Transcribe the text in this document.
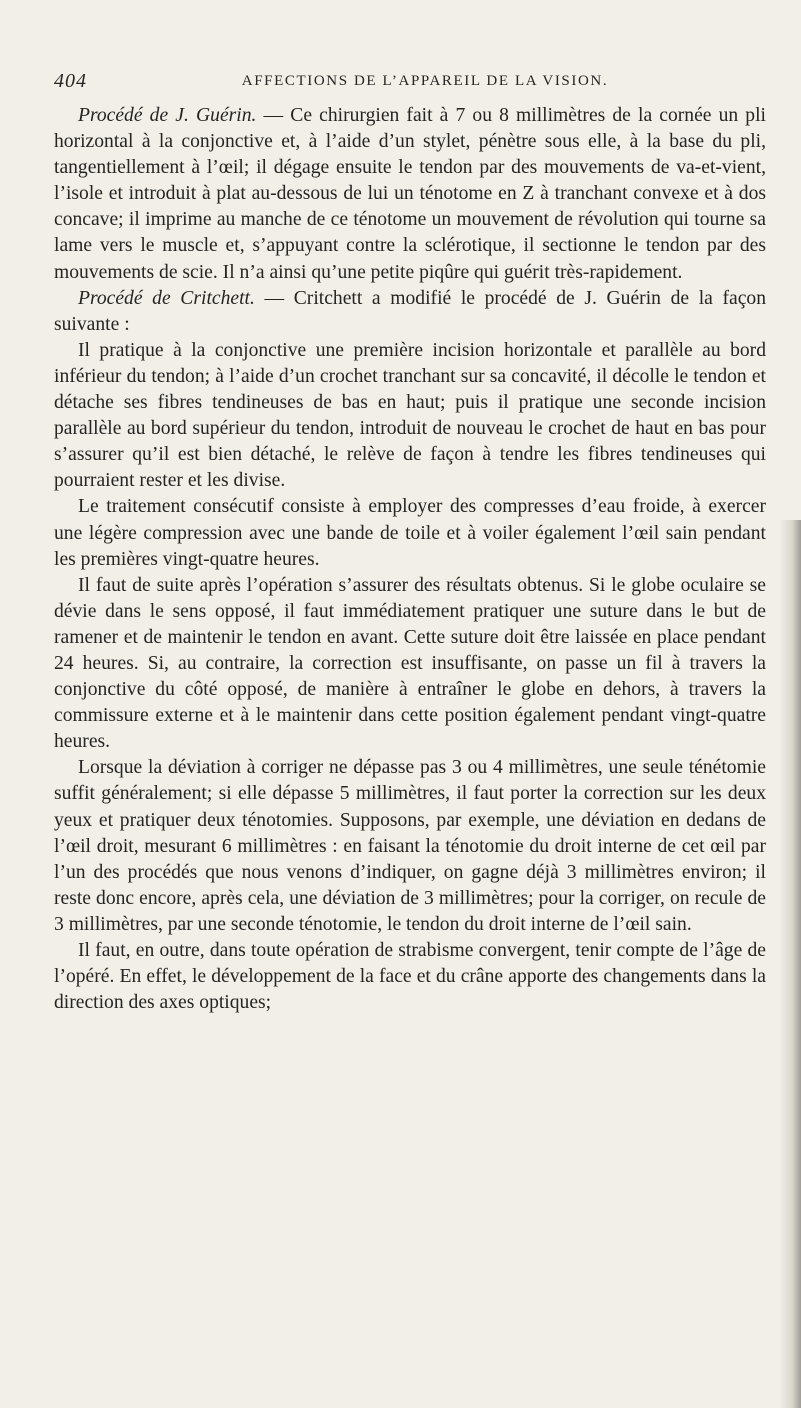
404	AFFECTIONS DE L’APPAREIL DE LA VISION.

Procédé de J. Guérin. — Ce chirurgien fait à 7 ou 8 millimètres de la cornée un pli horizontal à la conjonctive et, à l’aide d’un stylet, pénètre sous elle, à la base du pli, tangentiellement à l’œil; il dégage ensuite le tendon par des mouvements de va-et-vient, l’isole et introduit à plat au-dessous de lui un ténotome en Z à tranchant convexe et à dos concave; il imprime au manche de ce ténotome un mouvement de révolution qui tourne sa lame vers le muscle et, s’appuyant contre la sclérotique, il sectionne le tendon par des mouvements de scie. Il n’a ainsi qu’une petite piqûre qui guérit très-rapidement.

Procédé de Critchett. — Critchett a modifié le procédé de J. Guérin de la façon suivante :

Il pratique à la conjonctive une première incision horizontale et parallèle au bord inférieur du tendon; à l’aide d’un crochet tranchant sur sa concavité, il décolle le tendon et détache ses fibres tendineuses de bas en haut; puis il pratique une seconde incision parallèle au bord supérieur du tendon, introduit de nouveau le crochet de haut en bas pour s’assurer qu’il est bien détaché, le relève de façon à tendre les fibres tendineuses qui pourraient rester et les divise.

Le traitement consécutif consiste à employer des compresses d’eau froide, à exercer une légère compression avec une bande de toile et à voiler également l’œil sain pendant les premières vingt-quatre heures.

Il faut de suite après l’opération s’assurer des résultats obtenus. Si le globe oculaire se dévie dans le sens opposé, il faut immédiatement pratiquer une suture dans le but de ramener et de maintenir le tendon en avant. Cette suture doit être laissée en place pendant 24 heures. Si, au contraire, la correction est insuffisante, on passe un fil à travers la conjonctive du côté opposé, de manière à entraîner le globe en dehors, à travers la commissure externe et à le maintenir dans cette position également pendant vingt-quatre heures.

Lorsque la déviation à corriger ne dépasse pas 3 ou 4 millimètres, une seule ténétomie suffit généralement; si elle dépasse 5 millimètres, il faut porter la correction sur les deux yeux et pratiquer deux ténotomies. Supposons, par exemple, une déviation en dedans de l’œil droit, mesurant 6 millimètres : en faisant la ténotomie du droit interne de cet œil par l’un des procédés que nous venons d’indiquer, on gagne déjà 3 millimètres environ; il reste donc encore, après cela, une déviation de 3 millimètres; pour la corriger, on recule de 3 millimètres, par une seconde ténotomie, le tendon du droit interne de l’œil sain.

Il faut, en outre, dans toute opération de strabisme convergent, tenir compte de l’âge de l’opéré. En effet, le développement de la face et du crâne apporte des changements dans la direction des axes optiques;
